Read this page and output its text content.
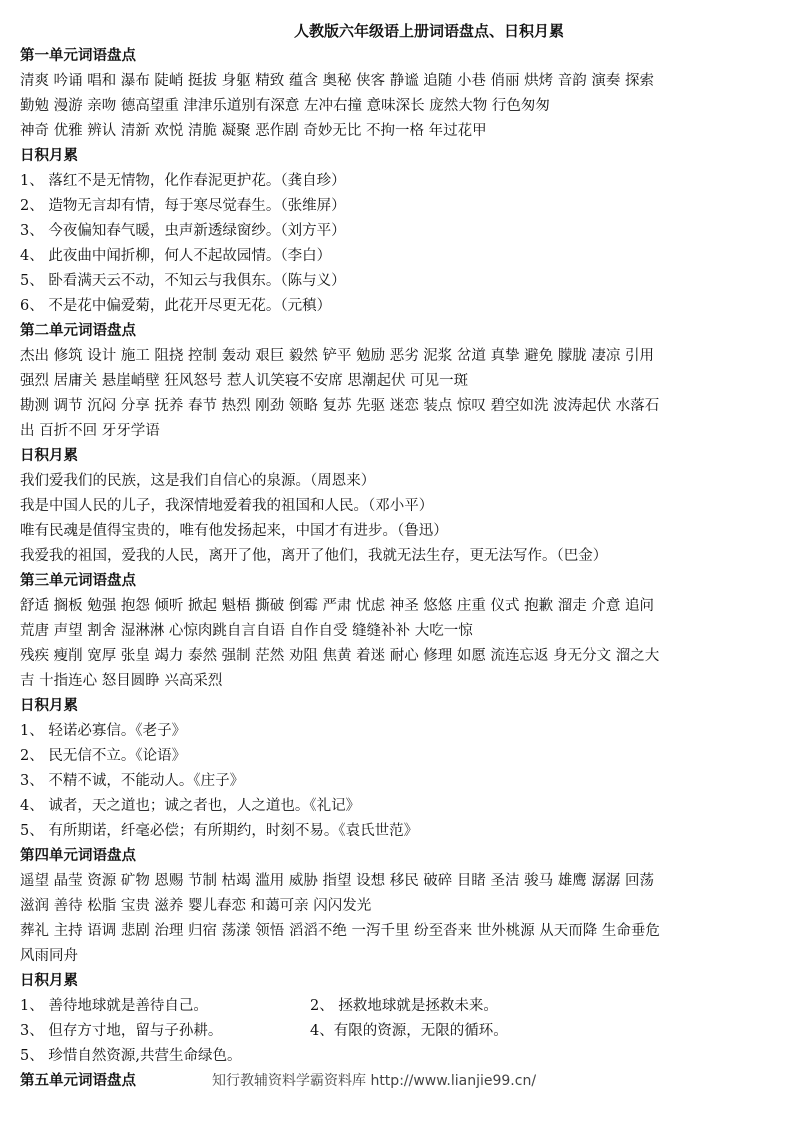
人教版六年级语上册词语盘点、日积月累
第一单元词语盘点
清爽 吟诵 唱和 瀑布 陡峭 挺拔 身躯 精致 蕴含 奥秘 侠客 静谧 追随 小巷 俏丽 烘烤 音韵 演奏 探索
勤勉 漫游 亲吻 德高望重 津津乐道别有深意 左冲右撞 意味深长 庞然大物 行色匆匆
神奇 优雅 辨认 清新 欢悦 清脆 凝聚 恶作剧 奇妙无比 不拘一格 年过花甲
日积月累
1、 落红不是无情物，化作春泥更护花。（龚自珍）
2、 造物无言却有情，每于寒尽觉春生。（张维屏）
3、 今夜偏知春气暖，虫声新透绿窗纱。（刘方平）
4、 此夜曲中闻折柳，何人不起故园情。（李白）
5、 卧看满天云不动，不知云与我俱东。（陈与义）
6、 不是花中偏爱菊，此花开尽更无花。（元稹）
第二单元词语盘点
杰出 修筑 设计 施工 阻挠 控制 轰动 艰巨 毅然 铲平 勉励 恶劣 泥浆 岔道 真挚 避免 朦胧 凄凉 引用
强烈 居庸关 悬崖峭壁 狂风怒号 惹人讥笑寝不安席 思潮起伏 可见一斑
勘测 调节 沉闷 分享 抚养 春节 热烈 刚劲 领略 复苏 先驱 迷恋 装点 惊叹 碧空如洗 波涛起伏 水落石
出 百折不回 牙牙学语
日积月累
我们爱我们的民族，这是我们自信心的泉源。（周恩来）
我是中国人民的儿子，我深情地爱着我的祖国和人民。（邓小平）
唯有民魂是值得宝贵的，唯有他发扬起来，中国才有进步。（鲁迅）
我爱我的祖国，爱我的人民，离开了他，离开了他们，我就无法生存，更无法写作。（巴金）
第三单元词语盘点
舒适 搁板 勉强 抱怨 倾听 掀起 魁梧 撕破 倒霉 严肃 忧虑 神圣 悠悠 庄重 仪式 抱歉 溜走 介意 追问
荒唐 声望 割舍 湿淋淋 心惊肉跳自言自语 自作自受 缝缝补补 大吃一惊
残疾 瘦削 宽厚 张皇 竭力 泰然 强制 茫然 劝阻 焦黄 着迷 耐心 修理 如愿 流连忘返 身无分文 溜之大
吉 十指连心 怒目圆睁 兴高采烈
日积月累
1、 轻诺必寡信。《老子》
2、 民无信不立。《论语》
3、 不精不诚，不能动人。《庄子》
4、 诚者，天之道也；诚之者也，人之道也。《礼记》
5、 有所期诺，纤毫必偿；有所期约，时刻不易。《袁氏世范》
第四单元词语盘点
遥望 晶莹 资源 矿物 恩赐 节制 枯竭 滥用 威胁 指望 设想 移民 破碎 目睹 圣洁 骏马 雄鹰 潺潺 回荡
滋润 善待 松脂 宝贵 滋养 婴儿春恋 和蔼可亲 闪闪发光
葬礼 主持 语调 悲剧 治理 归宿 荡漾 领悟 滔滔不绝 一泻千里 纷至沓来 世外桃源 从天而降 生命垂危
风雨同舟
日积月累
1、 善待地球就是善待自己。	2、 拯救地球就是拯救未来。
3、 但存方寸地，留与子孙耕。	4、有限的资源，无限的循环。
5、 珍惜自然资源,共营生命绿色。
第五单元词语盘点	知行教辅资料学霸资料库 http://www.lianjie99.cn/
